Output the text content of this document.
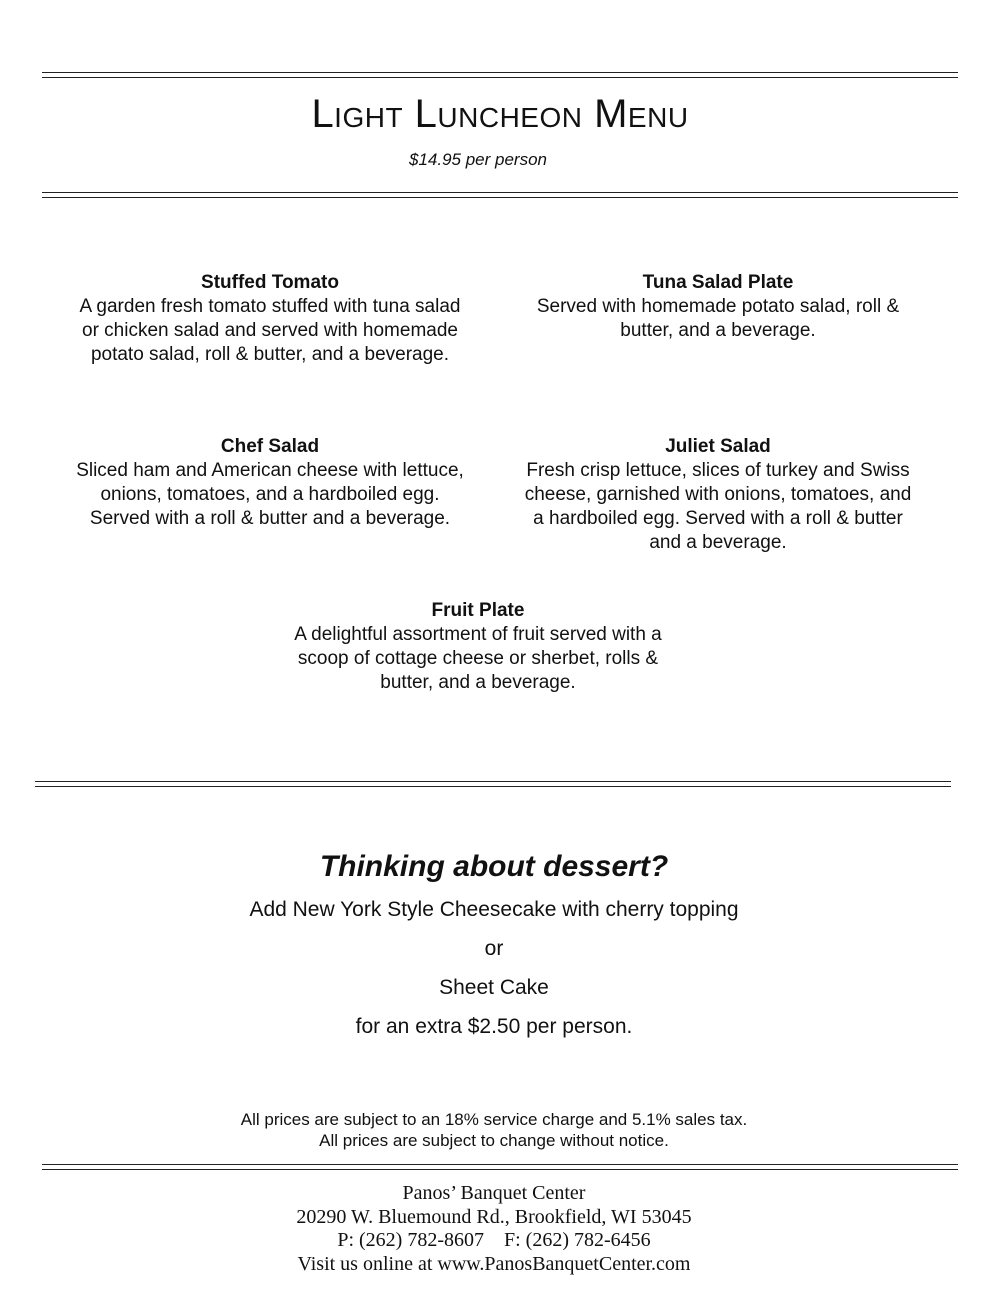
Light Luncheon Menu
$14.95 per person
Stuffed Tomato
A garden fresh tomato stuffed with tuna salad
or chicken salad and served with homemade
potato salad, roll & butter, and a beverage.
Tuna Salad Plate
Served with homemade potato salad, roll &
butter, and a beverage.
Chef Salad
Sliced ham and American cheese with lettuce,
onions, tomatoes, and a hardboiled egg.
Served with a roll & butter and a beverage.
Juliet Salad
Fresh crisp lettuce, slices of turkey and Swiss
cheese, garnished with onions, tomatoes, and
a hardboiled egg. Served with a roll & butter
and a beverage.
Fruit Plate
A delightful assortment of fruit served with a
scoop of cottage cheese or sherbet, rolls &
butter, and a beverage.
Thinking about dessert?
Add New York Style Cheesecake with cherry topping
or
Sheet Cake
for an extra $2.50 per person.
All prices are subject to an 18% service charge and 5.1% sales tax.
All prices are subject to change without notice.
Panos’ Banquet Center
20290 W. Bluemound Rd., Brookfield, WI 53045
P: (262) 782-8607    F: (262) 782-6456
Visit us online at www.PanosBanquetCenter.com
